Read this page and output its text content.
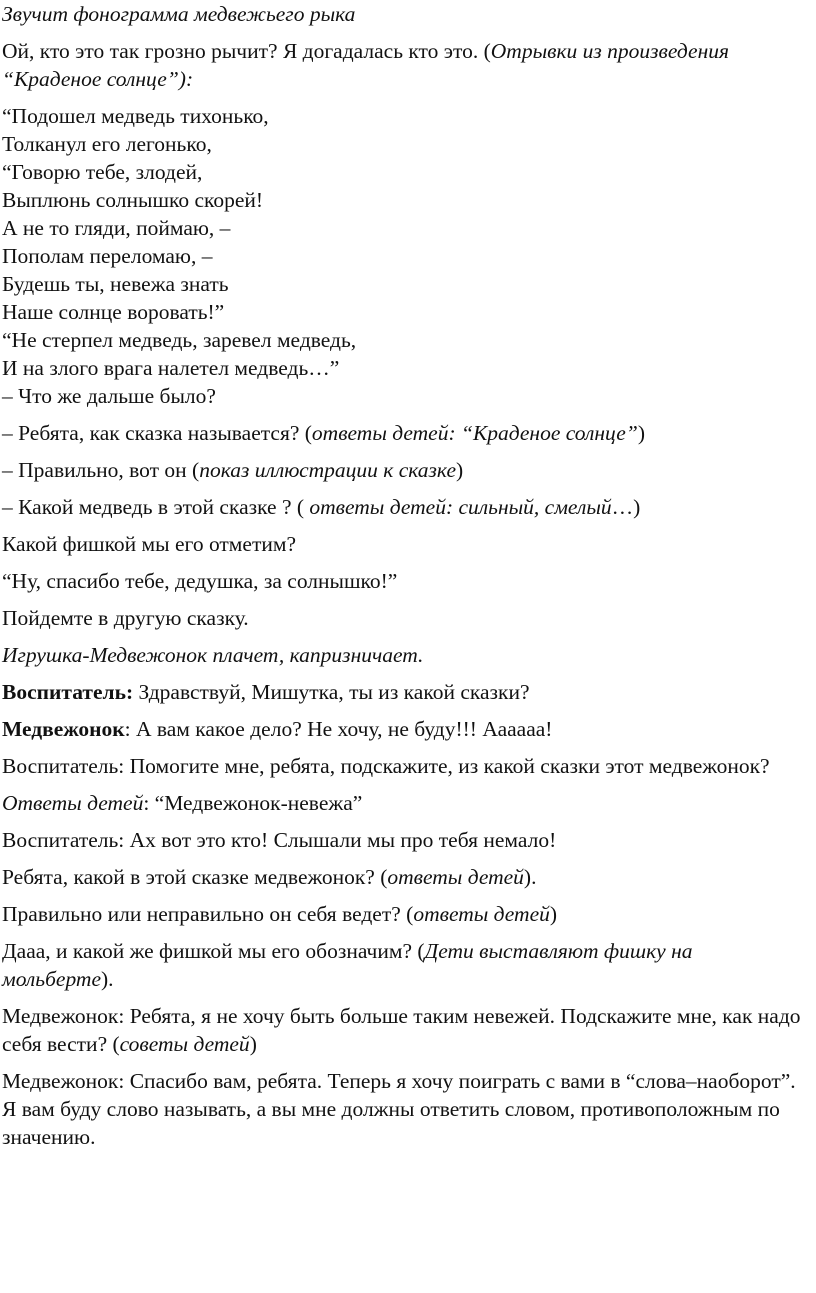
Звучит фонограмма медвежьего рыка

Ой, кто это так грозно рычит? Я догадалась кто это. (Отрывки из произведения “Краденое солнце”):

“Подошел медведь тихонько,
Толканул его легонько,
“Говорю тебе, злодей,
Выплюнь солнышко скорей!
А не то гляди, поймаю, –
Пополам переломаю, –
Будешь ты, невежа знать
Наше солнце воровать!”
“Не стерпел медведь, заревел медведь,
И на злого врага налетел медведь…”
– Что же дальше было?

– Ребята, как сказка называется? (ответы детей: “Краденое солнце”)

– Правильно, вот он (показ иллюстрации к сказке)

– Какой медведь в этой сказке ? ( ответы детей: сильный, смелый…)

Какой фишкой мы его отметим?

“Ну, спасибо тебе, дедушка, за солнышко!”

Пойдемте в другую сказку.

Игрушка-Медвежонок плачет, капризничает.

Воспитатель: Здравствуй, Мишутка, ты из какой сказки?

Медвежонок: А вам какое дело? Не хочу, не буду!!! Аааааа!

Воспитатель: Помогите мне, ребята, подскажите, из какой сказки этот медвежонок?

Ответы детей: “Медвежонок-невежа”

Воспитатель: Ах вот это кто! Слышали мы про тебя немало!

Ребята, какой в этой сказке медвежонок? (ответы детей).

Правильно или неправильно он себя ведет? (ответы детей)

Дааа, и какой же фишкой мы его обозначим? (Дети выставляют фишку на мольберте).

Медвежонок: Ребята, я не хочу быть больше таким невежей. Подскажите мне, как надо себя вести? (советы детей)

Медвежонок: Спасибо вам, ребята. Теперь я хочу поиграть с вами в “слова–наоборот”. Я вам буду слово называть, а вы мне должны ответить словом, противоположным по значению.
